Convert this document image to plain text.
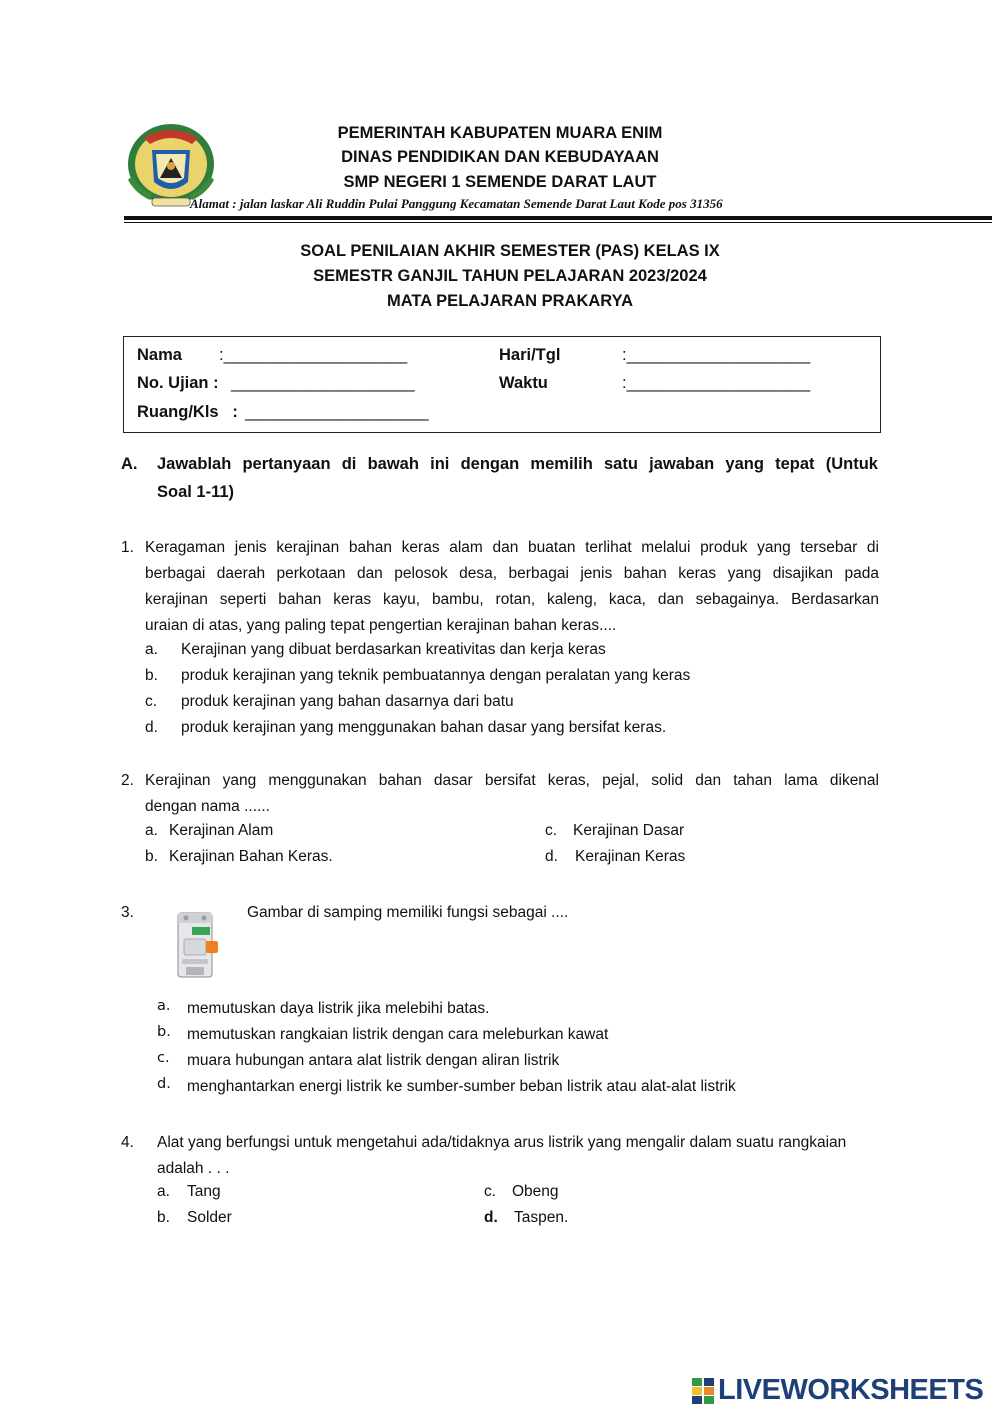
PEMERINTAH KABUPATEN MUARA ENIM
DINAS PENDIDIKAN DAN KEBUDAYAAN
SMP NEGERI 1 SEMENDE DARAT LAUT
Alamat : jalan laskar Ali Ruddin Pulai Panggung Kecamatan Semende Darat Laut Kode pos 31356
SOAL PENILAIAN AKHIR SEMESTER (PAS) KELAS IX
SEMESTR GANJIL TAHUN PELAJARAN 2023/2024
MATA PELAJARAN PRAKARYA
Nama :____________________
No. Ujian : ____________________
Ruang/Kls   : ____________________
Hari/Tgl	:____________________
Waktu	:____________________
A. Jawablah pertanyaan di bawah ini dengan memilih satu jawaban yang tepat (Untuk
Soal 1-11)
1. Keragaman jenis kerajinan bahan keras alam dan buatan terlihat melalui produk yang tersebar di
berbagai daerah perkotaan dan pelosok desa, berbagai jenis bahan keras yang disajikan pada
kerajinan seperti bahan keras kayu, bambu, rotan, kaleng, kaca, dan sebagainya. Berdasarkan
uraian di atas, yang paling tepat pengertian kerajinan bahan keras....
a. Kerajinan yang dibuat berdasarkan kreativitas dan kerja keras
b. produk kerajinan yang teknik pembuatannya dengan peralatan yang keras
c. produk kerajinan yang bahan dasarnya dari batu
d. produk kerajinan yang menggunakan bahan dasar yang bersifat keras.
2. Kerajinan yang menggunakan bahan dasar bersifat keras, pejal, solid dan tahan lama dikenal
dengan nama ......
a. Kerajinan Alam
b. Kerajinan Bahan Keras.
c. Kerajinan Dasar
d. Kerajinan Keras
3.	Gambar di samping memiliki fungsi sebagai ....
a. memutuskan daya listrik jika melebihi batas.
b. memutuskan rangkaian listrik dengan cara meleburkan kawat
c. muara hubungan antara alat listrik dengan aliran listrik
d. menghantarkan energi listrik ke sumber-sumber beban listrik atau alat-alat listrik
4. Alat yang berfungsi untuk mengetahui ada/tidaknya arus listrik yang mengalir dalam suatu rangkaian
adalah . . .
a. Tang
b. Solder
c. Obeng
d. Taspen.
LIVEWORKSHEETS
